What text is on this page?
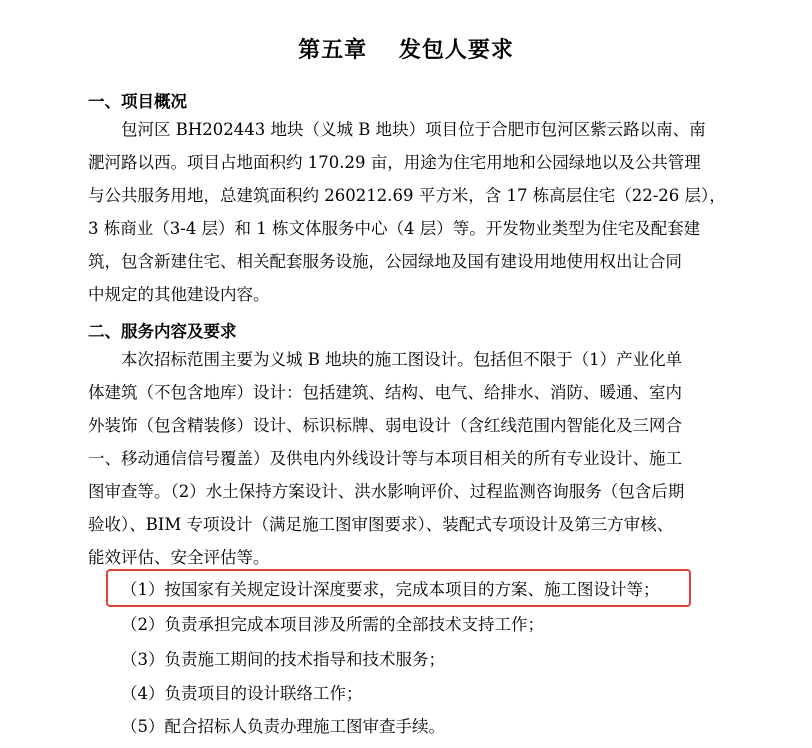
第五章　 发包人要求
一、项目概况
包河区 BH202443 地块（义城 B 地块）项目位于合肥市包河区紫云路以南、南
淝河路以西。项目占地面积约 170.29 亩，用途为住宅用地和公园绿地以及公共管理
与公共服务用地，总建筑面积约 260212.69 平方米，含 17 栋高层住宅（22-26 层），
3 栋商业（3-4 层）和 1 栋文体服务中心（4 层）等。开发物业类型为住宅及配套建
筑，包含新建住宅、相关配套服务设施，公园绿地及国有建设用地使用权出让合同
中规定的其他建设内容。
二、服务内容及要求
本次招标范围主要为义城 B 地块的施工图设计。包括但不限于（1）产业化单
体建筑（不包含地库）设计：包括建筑、结构、电气、给排水、消防、暖通、室内
外装饰（包含精装修）设计、标识标牌、弱电设计（含红线范围内智能化及三网合
一、移动通信信号覆盖）及供电内外线设计等与本项目相关的所有专业设计、施工
图审查等。（2）水土保持方案设计、洪水影响评价、过程监测咨询服务（包含后期
验收）、BIM 专项设计（满足施工图审图要求）、装配式专项设计及第三方审核、
能效评估、安全评估等。
（1）按国家有关规定设计深度要求，完成本项目的方案、施工图设计等；
（2）负责承担完成本项目涉及所需的全部技术支持工作；
（3）负责施工期间的技术指导和技术服务；
（4）负责项目的设计联络工作；
（5）配合招标人负责办理施工图审查手续。
